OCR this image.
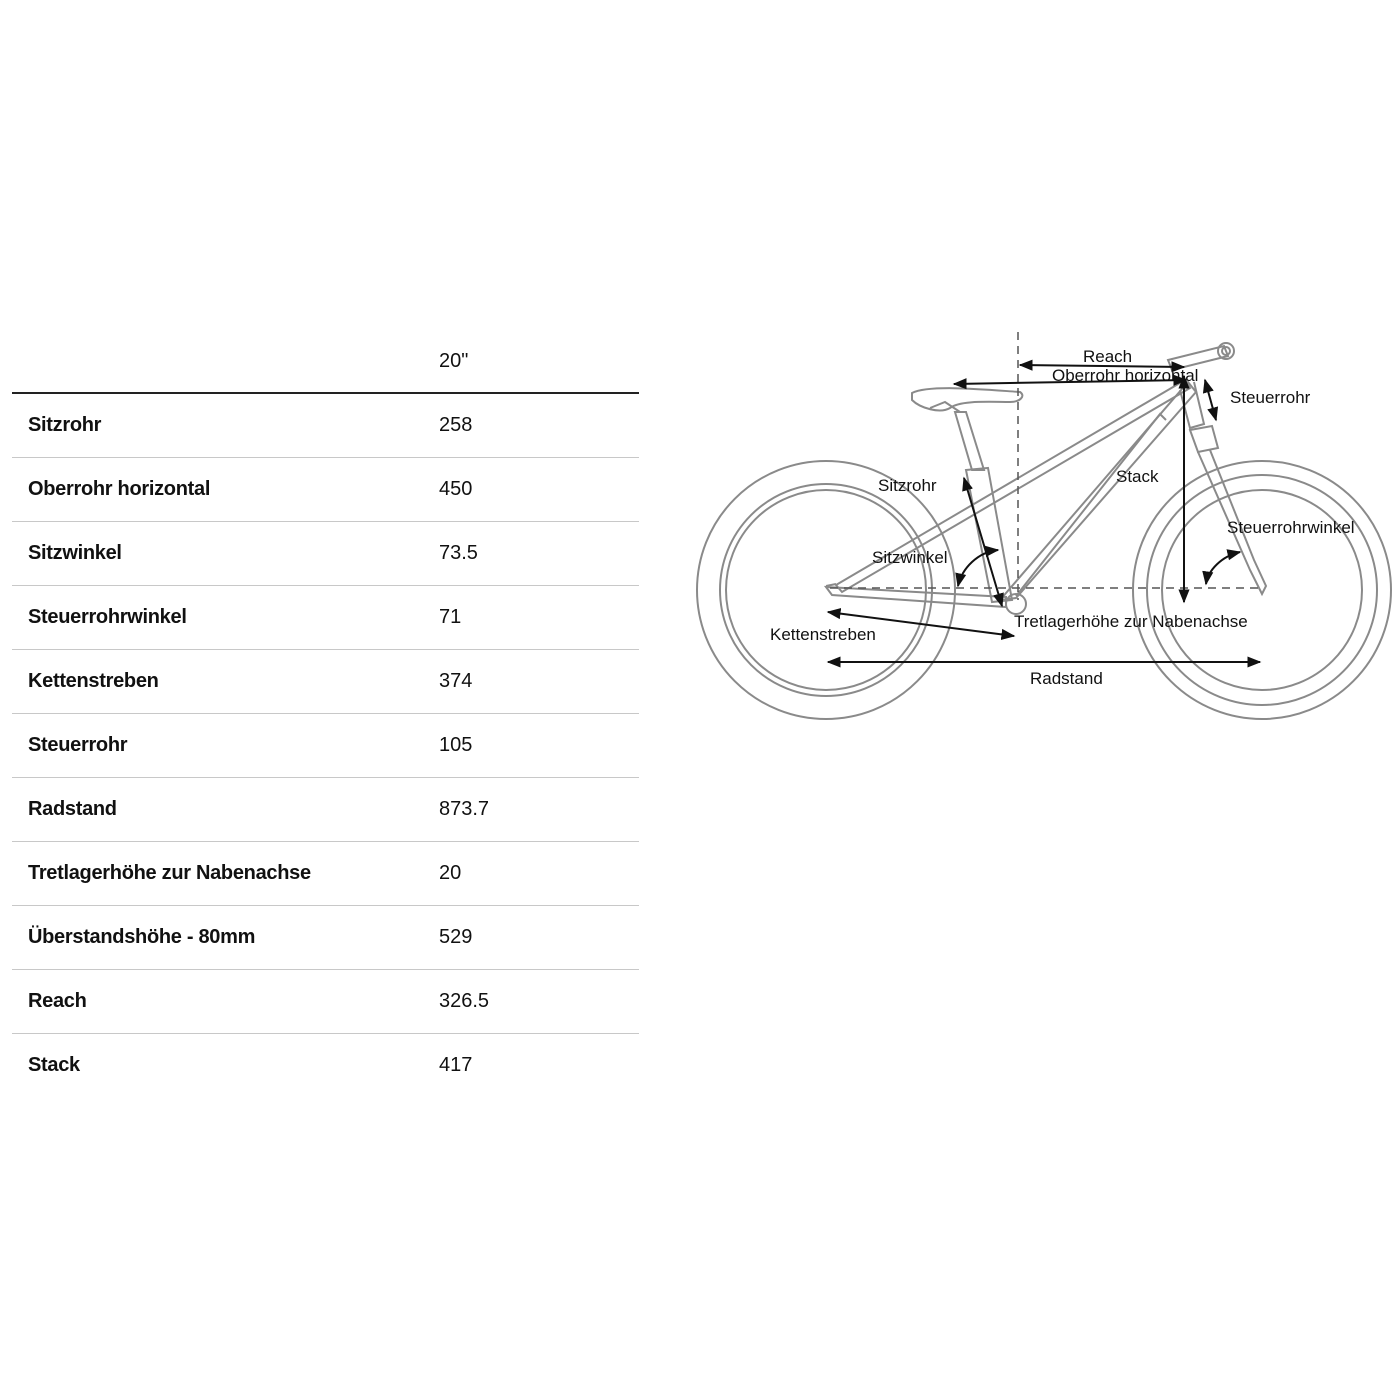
	20"
Sitzrohr	258
Oberrohr horizontal	450
Sitzwinkel	73.5
Steuerrohrwinkel	71
Kettenstreben	374
Steuerrohr	105
Radstand	873.7
Tretlagerhöhe zur Nabenachse	20
Überstandshöhe - 80mm	529
Reach	326.5
Stack	417
Reach
Oberrohr horizontal
Steuerrohr
Stack
Sitzrohr
Sitzwinkel
Steuerrohrwinkel
Kettenstreben
Tretlagerhöhe zur Nabenachse
Radstand
